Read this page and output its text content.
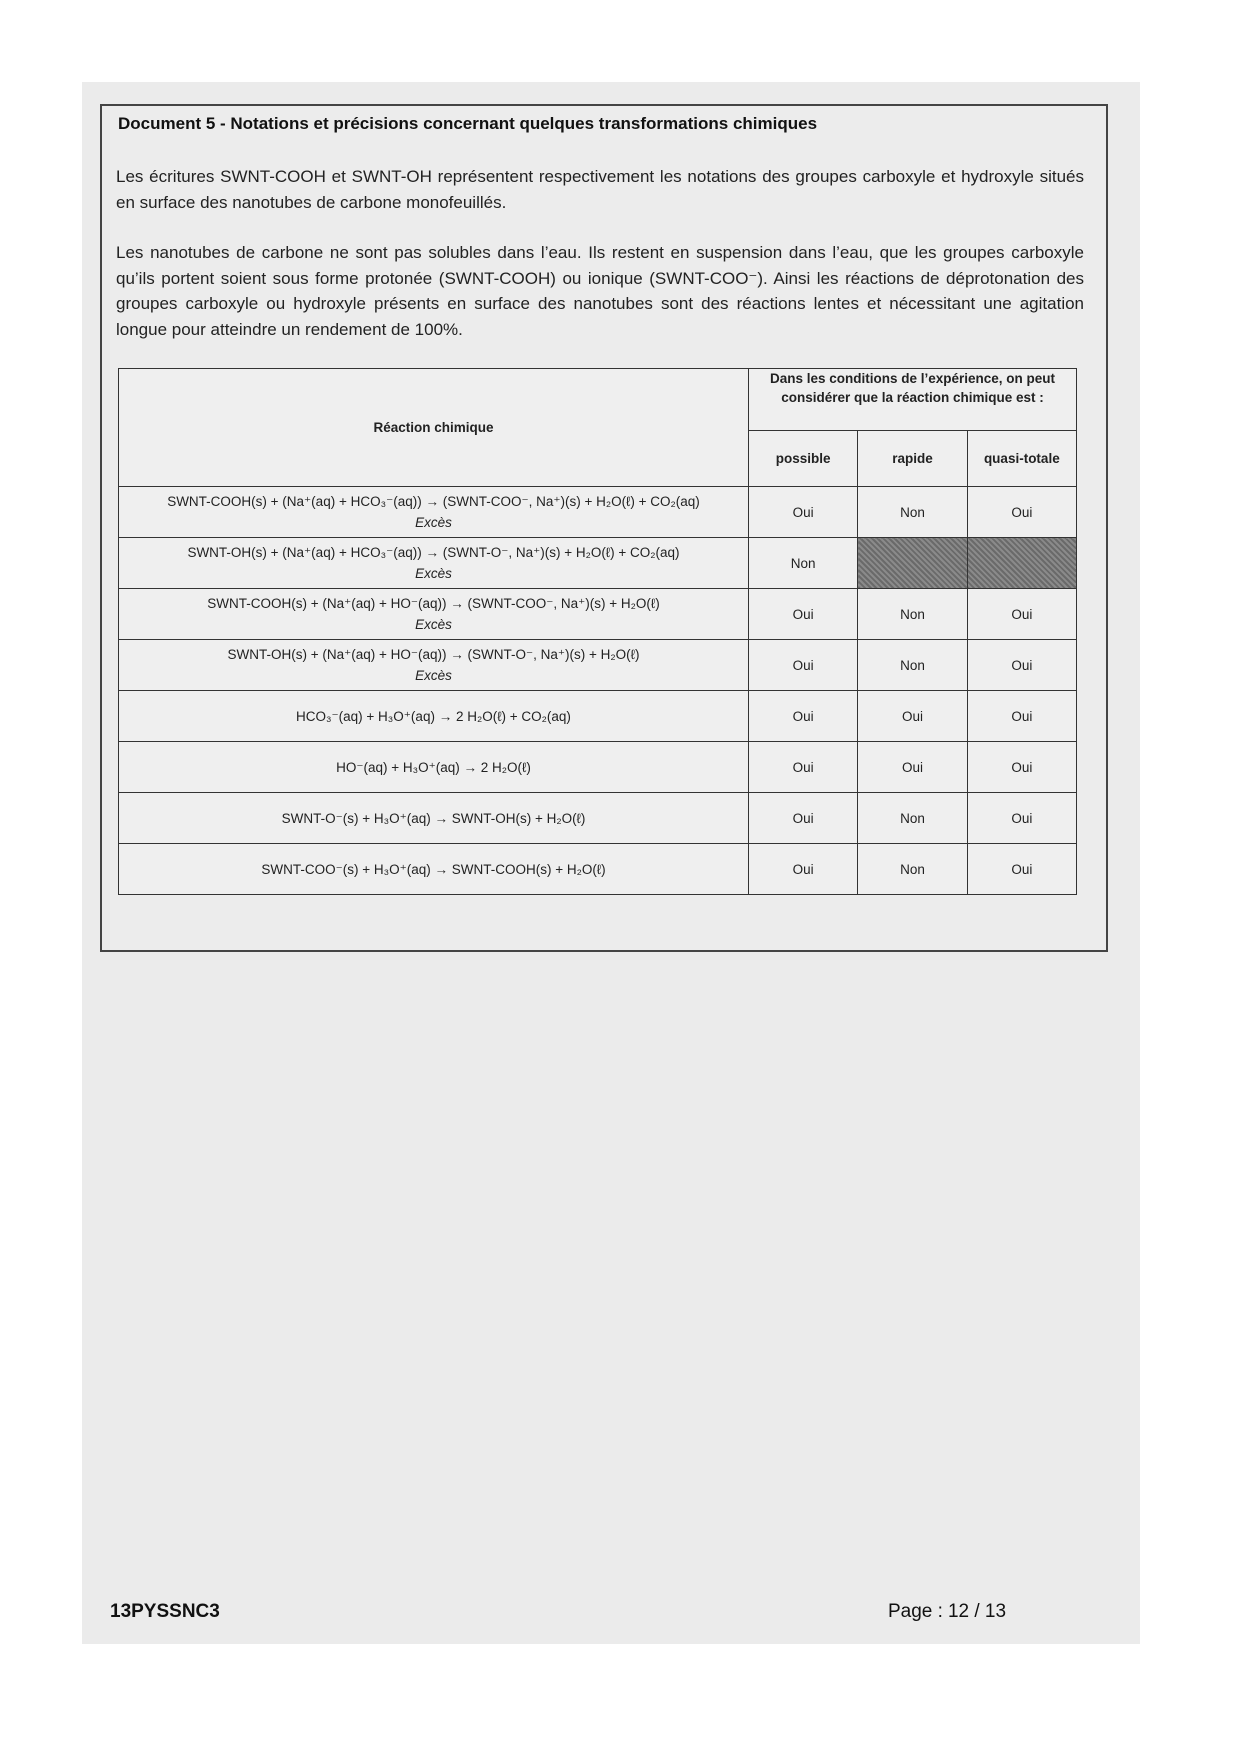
Document 5 - Notations et précisions concernant quelques transformations chimiques
Les écritures SWNT-COOH et SWNT-OH représentent respectivement les notations des groupes carboxyle et hydroxyle situés en surface des nanotubes de carbone monofeuillés.
Les nanotubes de carbone ne sont pas solubles dans l’eau. Ils restent en suspension dans l’eau, que les groupes carboxyle qu’ils portent soient sous forme protonée (SWNT-COOH) ou ionique (SWNT-COO⁻). Ainsi les réactions de déprotonation des groupes carboxyle ou hydroxyle présents en surface des nanotubes sont des réactions lentes et nécessitant une agitation longue pour atteindre un rendement de 100%.
Réaction chimique	Dans les conditions de l’expérience, on peut considérer que la réaction chimique est :		
	possible	rapide	quasi-totale

SWNT-COOH(s) + (Na⁺(aq) + HCO₃⁻(aq)) → (SWNT-COO⁻, Na⁺)(s) + H₂O(ℓ) + CO₂(aq)
Excès	Oui	Non	Oui

SWNT-OH(s) + (Na⁺(aq) + HCO₃⁻(aq)) → (SWNT-O⁻, Na⁺)(s) + H₂O(ℓ) + CO₂(aq)
Excès	Non		

SWNT-COOH(s) + (Na⁺(aq) + HO⁻(aq)) → (SWNT-COO⁻, Na⁺)(s) + H₂O(ℓ)
Excès	Oui	Non	Oui

SWNT-OH(s) + (Na⁺(aq) + HO⁻(aq)) → (SWNT-O⁻, Na⁺)(s) + H₂O(ℓ)
Excès	Oui	Non	Oui

HCO₃⁻(aq) + H₃O⁺(aq) → 2 H₂O(ℓ) + CO₂(aq)	Oui	Oui	Oui

HO⁻(aq) + H₃O⁺(aq) → 2 H₂O(ℓ)	Oui	Oui	Oui

SWNT-O⁻(s) + H₃O⁺(aq) → SWNT-OH(s) + H₂O(ℓ)	Oui	Non	Oui

SWNT-COO⁻(s) + H₃O⁺(aq) → SWNT-COOH(s) + H₂O(ℓ)	Oui	Non	Oui
13PYSSNC3	Page : 12 / 13
